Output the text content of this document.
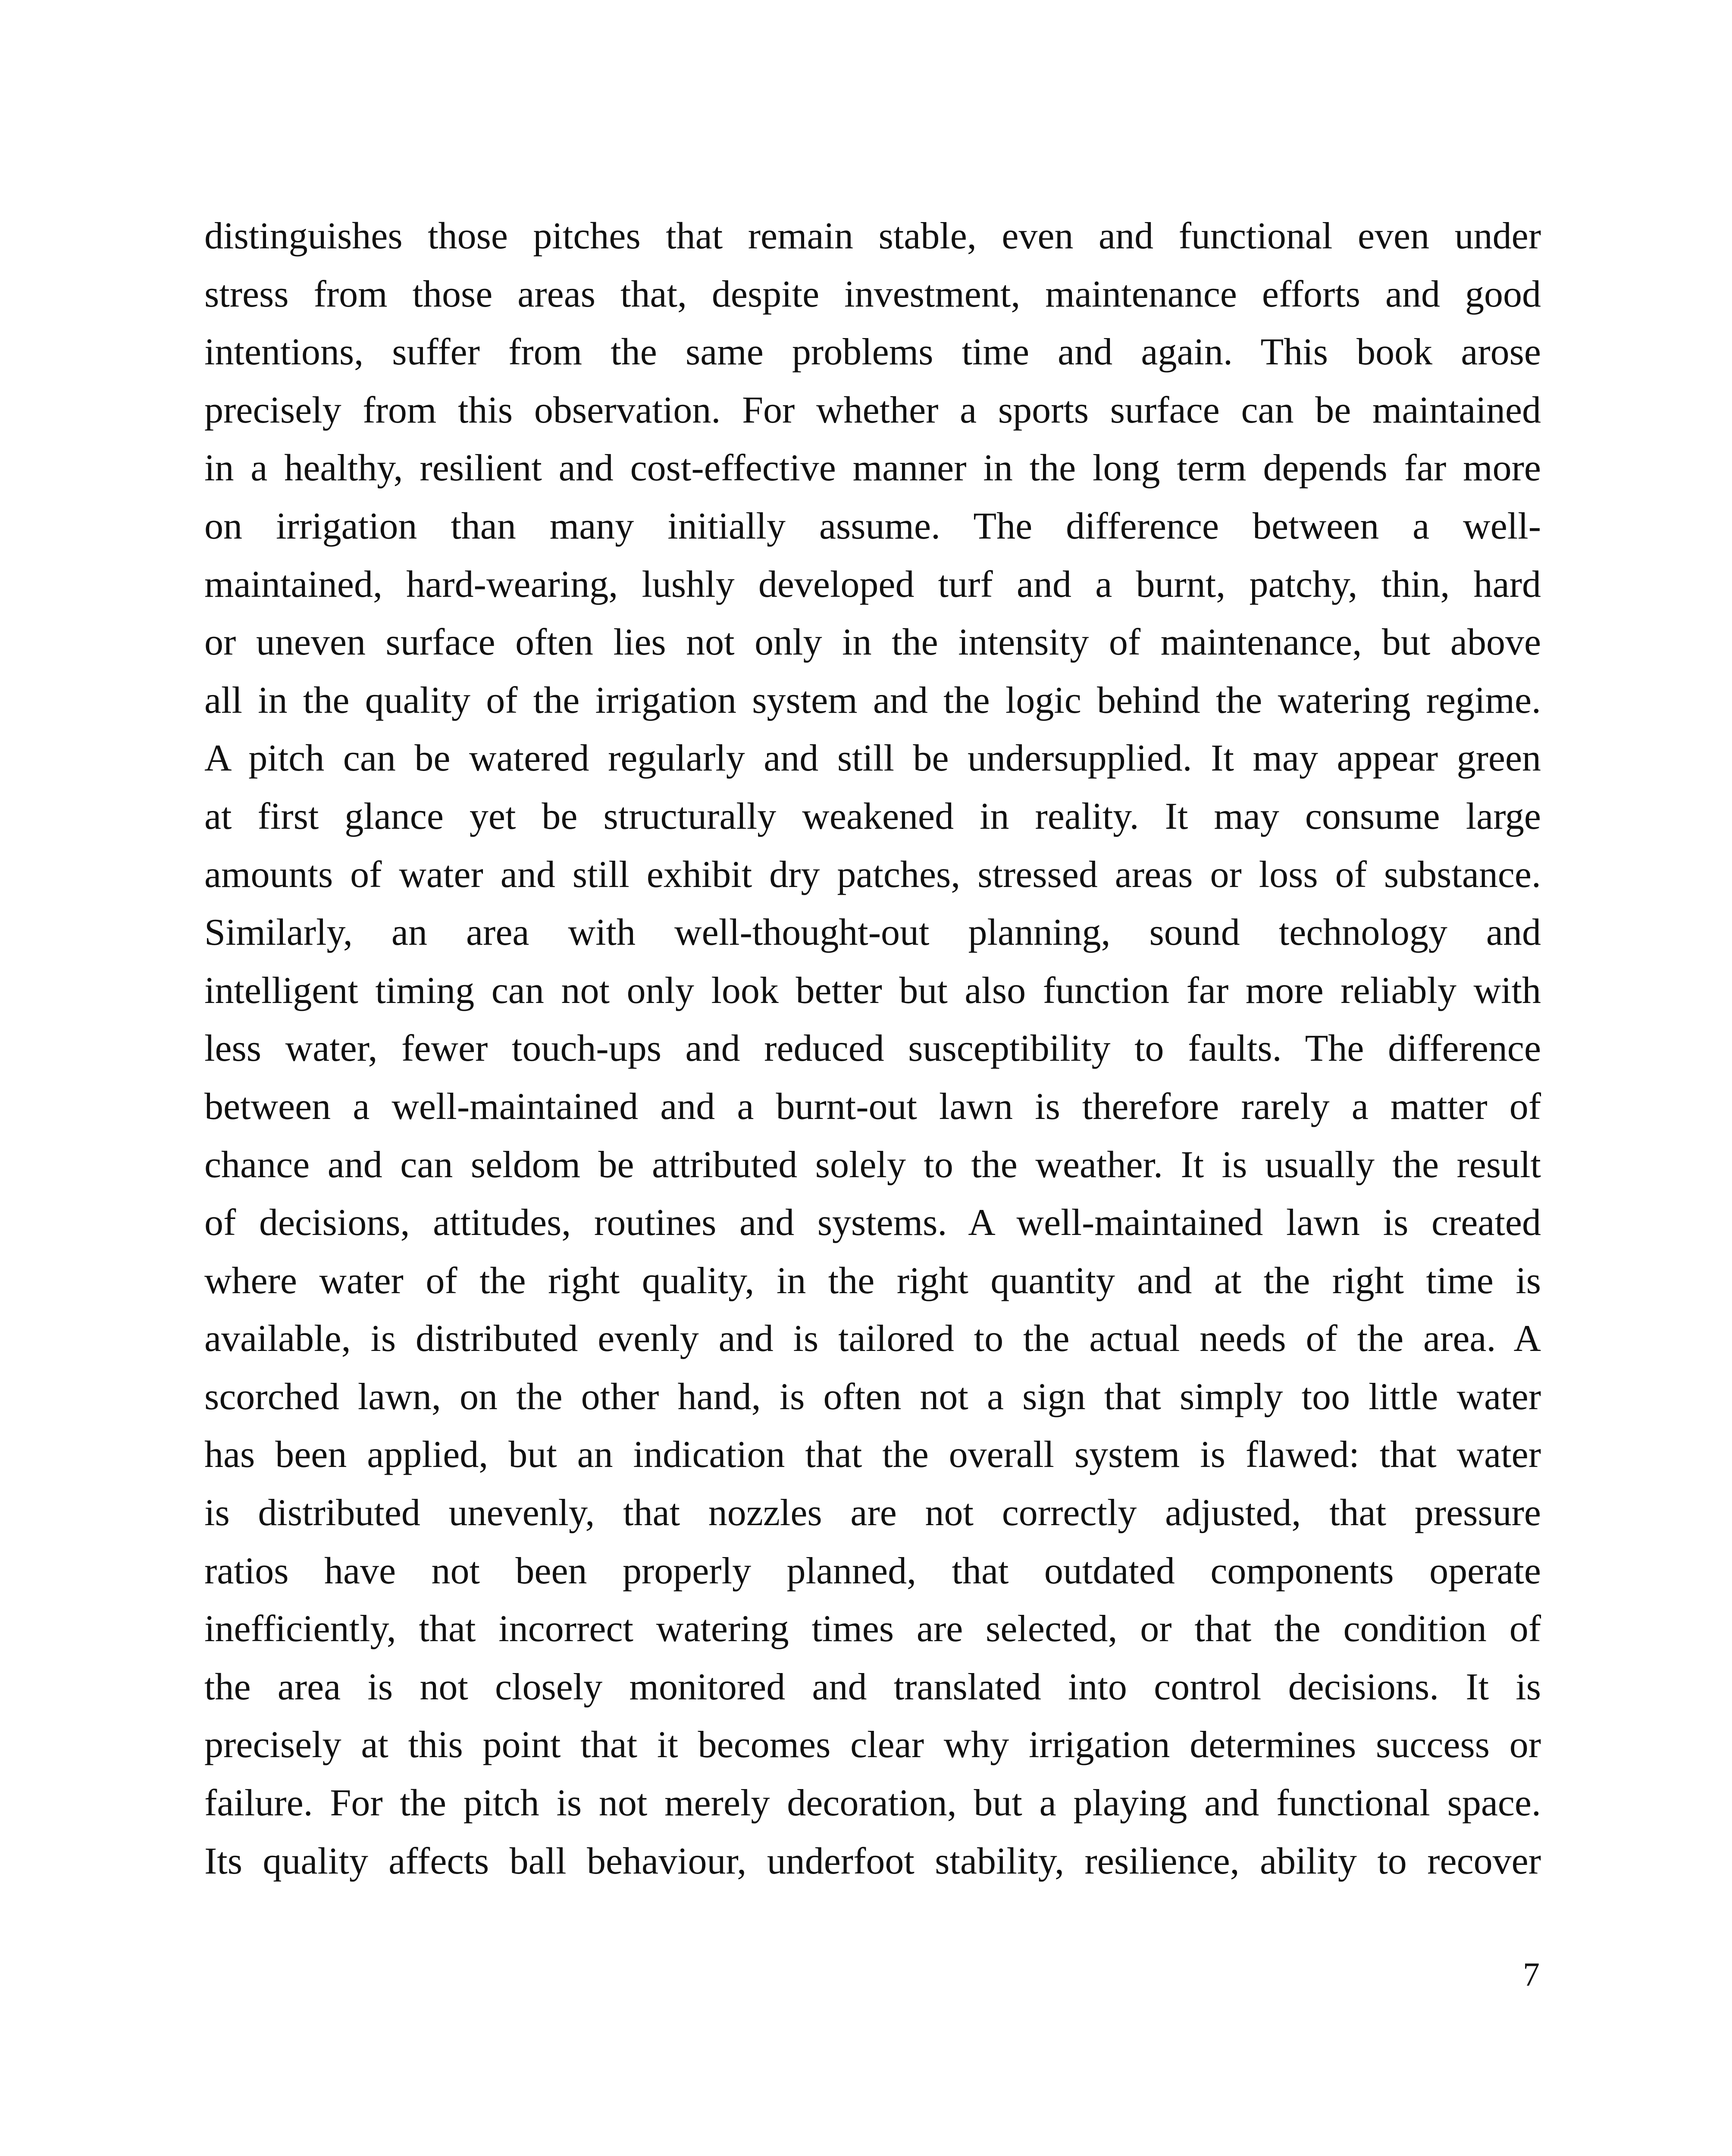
distinguishes those pitches that remain stable, even and functional even under
stress from those areas that, despite investment, maintenance efforts and good
intentions, suffer from the same problems time and again. This book arose
precisely from this observation. For whether a sports surface can be maintained
in a healthy, resilient and cost-effective manner in the long term depends far more
on irrigation than many initially assume. The difference between a well-
maintained, hard-wearing, lushly developed turf and a burnt, patchy, thin, hard
or uneven surface often lies not only in the intensity of maintenance, but above
all in the quality of the irrigation system and the logic behind the watering regime.
A pitch can be watered regularly and still be undersupplied. It may appear green
at first glance yet be structurally weakened in reality. It may consume large
amounts of water and still exhibit dry patches, stressed areas or loss of substance.
Similarly, an area with well-thought-out planning, sound technology and
intelligent timing can not only look better but also function far more reliably with
less water, fewer touch-ups and reduced susceptibility to faults. The difference
between a well-maintained and a burnt-out lawn is therefore rarely a matter of
chance and can seldom be attributed solely to the weather. It is usually the result
of decisions, attitudes, routines and systems. A well-maintained lawn is created
where water of the right quality, in the right quantity and at the right time is
available, is distributed evenly and is tailored to the actual needs of the area. A
scorched lawn, on the other hand, is often not a sign that simply too little water
has been applied, but an indication that the overall system is flawed: that water
is distributed unevenly, that nozzles are not correctly adjusted, that pressure
ratios have not been properly planned, that outdated components operate
inefficiently, that incorrect watering times are selected, or that the condition of
the area is not closely monitored and translated into control decisions. It is
precisely at this point that it becomes clear why irrigation determines success or
failure. For the pitch is not merely decoration, but a playing and functional space.
Its quality affects ball behaviour, underfoot stability, resilience, ability to recover

7
